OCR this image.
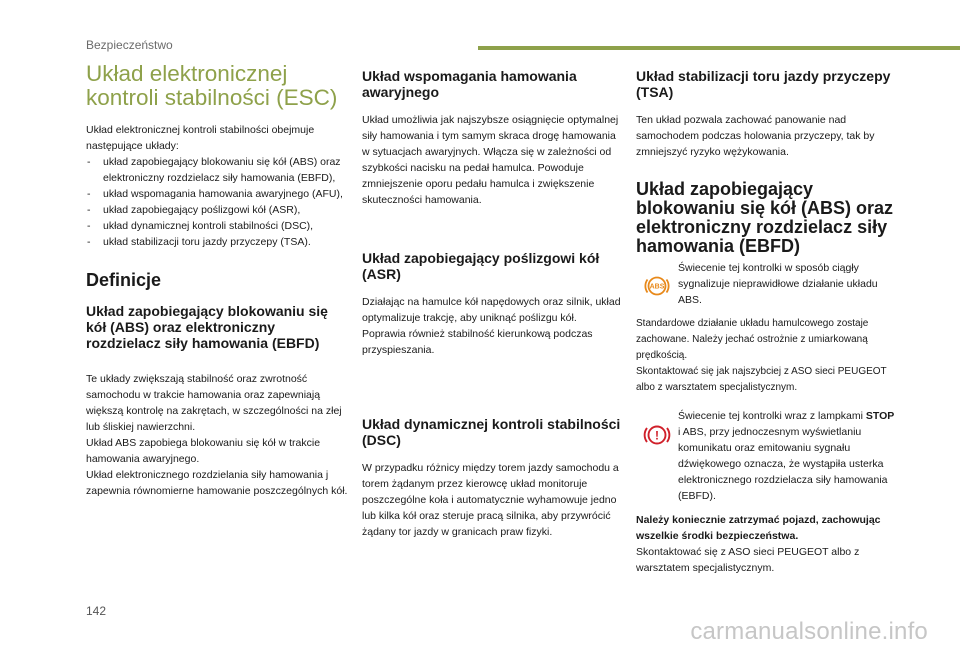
Bezpieczeństwo
Układ elektronicznej
kontroli stabilności (ESC)

Układ elektronicznej kontroli stabilności obejmuje następujące układy:

- układ zapobiegający blokowaniu się kół (ABS) oraz elektroniczny rozdzielacz siły hamowania (EBFD),
- układ wspomagania hamowania awaryjnego (AFU),
- układ zapobiegający poślizgowi kół (ASR),
- układ dynamicznej kontroli stabilności (DSC),
- układ stabilizacji toru jazdy przyczepy (TSA).
Definicje
Układ zapobiegający blokowaniu się kół (ABS) oraz elektroniczny rozdzielacz siły hamowania (EBFD)

Te układy zwiększają stabilność oraz zwrotność samochodu w trakcie hamowania oraz zapewniają większą kontrolę na zakrętach, w szczególności na złej lub śliskiej nawierzchni.

Układ ABS zapobiega blokowaniu się kół w trakcie hamowania awaryjnego.

Układ elektronicznego rozdzielania siły hamowania j zapewnia równomierne hamowanie poszczególnych kół.

Układ wspomagania hamowania awaryjnego

Układ umożliwia jak najszybsze osiągnięcie optymalnej siły hamowania i tym samym skracа drogę hamowania w sytuacjach awaryjnych. Włącza się w zależności od szybkości nacisku na pedał hamulca. Powoduje zmniejszenie oporu pedału hamulca i zwiększenie skuteczności hamowania.

Układ zapobiegający poślizgowi kół (ASR)

Działając na hamulce kół napędowych oraz silnik, układ optymalizuje trakcję, aby uniknąć poślizgu kół. Poprawia również stabilność kierunkową podczas przyspieszania.

Układ dynamicznej kontroli stabilności (DSC)

W przypadku różnicy między torem jazdy samochodu a torem żądanym przez kierowcę układ monitoruje poszczególne koła i automatycznie wyhamowuje jedno lub kilka kół oraz steruje pracą silnika, aby przywrócić żądany tor jazdy w granicach praw fizyki.

Układ stabilizacji toru jazdy przyczepy (TSA)

Ten układ pozwala zachować panowanie nad samochodem podczas holowania przyczepy, tak by zmniejszyć ryzyko wężykowania.

Układ zapobiegający blokowaniu się kół (ABS) oraz elektroniczny rozdzielacz siły hamowania (EBFD)
ABS
Świecenie tej kontrolki w sposób ciągły sygnalizuje nieprawidłowe działanie układu ABS.

Standardowe działanie układu hamulcowego zostaje zachowane. Należy jechać ostrożnie z umiarkowaną prędkością.

Skontaktować się jak najszybciej z ASO sieci PEUGEOT albo z warsztatem specjalistycznym.

!
Świecenie tej kontrolki wraz z lampkami STOP i ABS, przy jednoczesnym wyświetlaniu komunikatu oraz emitowaniu sygnału dźwiękowego oznacza, że wystąpiła usterka elektronicznego rozdzielacza siły hamowania (EBFD).

Należy koniecznie zatrzymać pojazd, zachowując wszelkie środki bezpieczeństwa.

Skontaktować się z ASO sieci PEUGEOT albo z warsztatem specjalistycznym.

142
carmanualsonline.info
